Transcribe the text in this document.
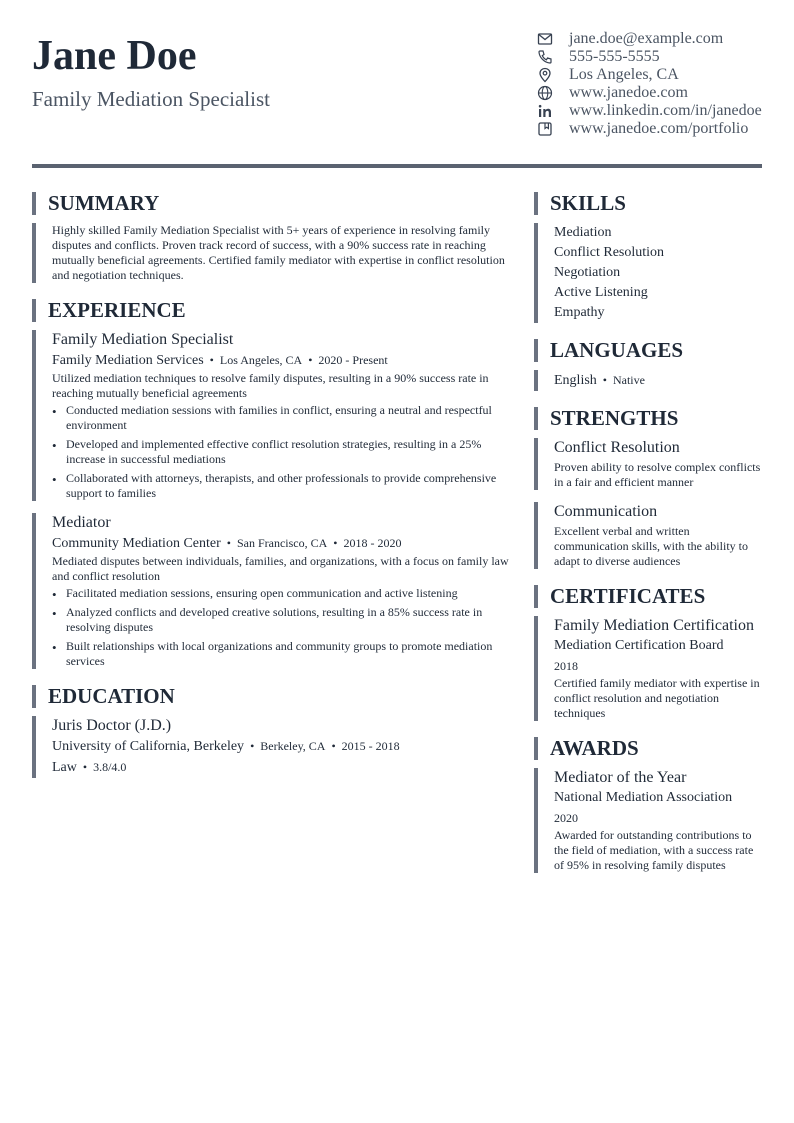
Jane Doe
Family Mediation Specialist
jane.doe@example.com
555-555-5555
Los Angeles, CA
www.janedoe.com
www.linkedin.com/in/janedoe
www.janedoe.com/portfolio
SUMMARY
Highly skilled Family Mediation Specialist with 5+ years of experience in resolving family disputes and conflicts. Proven track record of success, with a 90% success rate in reaching mutually beneficial agreements. Certified family mediator with expertise in conflict resolution and negotiation techniques.
EXPERIENCE
Family Mediation Specialist
Family Mediation Services • Los Angeles, CA • 2020 - Present
Utilized mediation techniques to resolve family disputes, resulting in a 90% success rate in reaching mutually beneficial agreements
• Conducted mediation sessions with families in conflict, ensuring a neutral and respectful environment
• Developed and implemented effective conflict resolution strategies, resulting in a 25% increase in successful mediations
• Collaborated with attorneys, therapists, and other professionals to provide comprehensive support to families
Mediator
Community Mediation Center • San Francisco, CA • 2018 - 2020
Mediated disputes between individuals, families, and organizations, with a focus on family law and conflict resolution
• Facilitated mediation sessions, ensuring open communication and active listening
• Analyzed conflicts and developed creative solutions, resulting in a 85% success rate in resolving disputes
• Built relationships with local organizations and community groups to promote mediation services
EDUCATION
Juris Doctor (J.D.)
University of California, Berkeley • Berkeley, CA • 2015 - 2018
Law • 3.8/4.0
SKILLS
Mediation
Conflict Resolution
Negotiation
Active Listening
Empathy
LANGUAGES
English • Native
STRENGTHS
Conflict Resolution
Proven ability to resolve complex conflicts in a fair and efficient manner
Communication
Excellent verbal and written communication skills, with the ability to adapt to diverse audiences
CERTIFICATES
Family Mediation Certification
Mediation Certification Board
2018
Certified family mediator with expertise in conflict resolution and negotiation techniques
AWARDS
Mediator of the Year
National Mediation Association
2020
Awarded for outstanding contributions to the field of mediation, with a success rate of 95% in resolving family disputes
